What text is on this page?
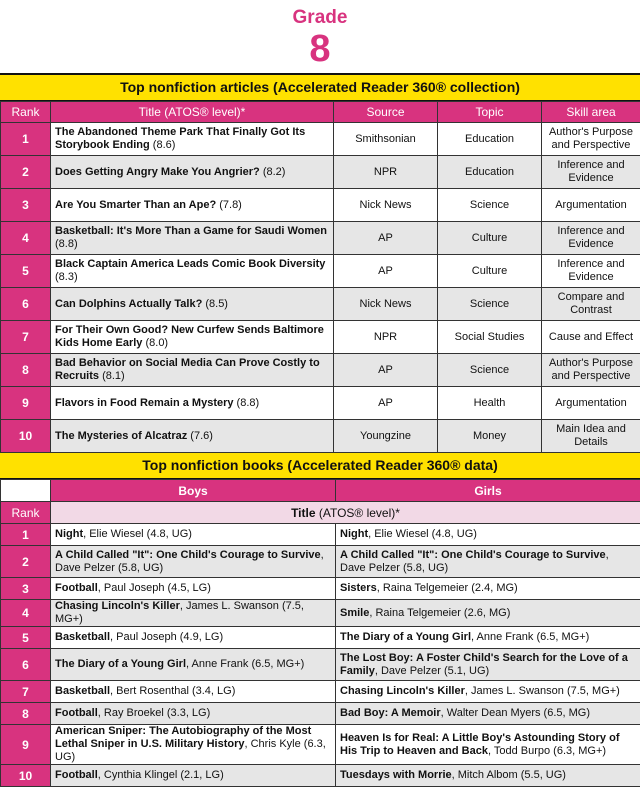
Grade
8
Top nonfiction articles (Accelerated Reader 360® collection)
Rank	Title (ATOS® level)*	Source	Topic	Skill area
1	The Abandoned Theme Park That Finally Got Its Storybook Ending (8.6)	Smithsonian	Education	Author's Purpose and Perspective
2	Does Getting Angry Make You Angrier? (8.2)	NPR	Education	Inference and Evidence
3	Are You Smarter Than an Ape? (7.8)	Nick News	Science	Argumentation
4	Basketball: It's More Than a Game for Saudi Women (8.8)	AP	Culture	Inference and Evidence
5	Black Captain America Leads Comic Book Diversity (8.3)	AP	Culture	Inference and Evidence
6	Can Dolphins Actually Talk? (8.5)	Nick News	Science	Compare and Contrast
7	For Their Own Good? New Curfew Sends Baltimore Kids Home Early (8.0)	NPR	Social Studies	Cause and Effect
8	Bad Behavior on Social Media Can Prove Costly to Recruits (8.1)	AP	Science	Author's Purpose and Perspective
9	Flavors in Food Remain a Mystery (8.8)	AP	Health	Argumentation
10	The Mysteries of Alcatraz (7.6)	Youngzine	Money	Main Idea and Details
Top nonfiction books (Accelerated Reader 360® data)
	Boys	Girls
Rank	Title (ATOS® level)*	
1	Night, Elie Wiesel (4.8, UG)	Night, Elie Wiesel (4.8, UG)
2	A Child Called "It": One Child's Courage to Survive, Dave Pelzer (5.8, UG)	A Child Called "It": One Child's Courage to Survive, Dave Pelzer (5.8, UG)
3	Football, Paul Joseph (4.5, LG)	Sisters, Raina Telgemeier (2.4, MG)
4	Chasing Lincoln's Killer, James L. Swanson (7.5, MG+)	Smile, Raina Telgemeier (2.6, MG)
5	Basketball, Paul Joseph (4.9, LG)	The Diary of a Young Girl, Anne Frank (6.5, MG+)
6	The Diary of a Young Girl, Anne Frank (6.5, MG+)	The Lost Boy: A Foster Child's Search for the Love of a Family, Dave Pelzer (5.1, UG)
7	Basketball, Bert Rosenthal (3.4, LG)	Chasing Lincoln's Killer, James L. Swanson (7.5, MG+)
8	Football, Ray Broekel (3.3, LG)	Bad Boy: A Memoir, Walter Dean Myers (6.5, MG)
9	American Sniper: The Autobiography of the Most Lethal Sniper in U.S. Military History, Chris Kyle (6.3, UG)	Heaven Is for Real: A Little Boy's Astounding Story of His Trip to Heaven and Back, Todd Burpo (6.3, MG+)
10	Football, Cynthia Klingel (2.1, LG)	Tuesdays with Morrie, Mitch Albom (5.5, UG)
